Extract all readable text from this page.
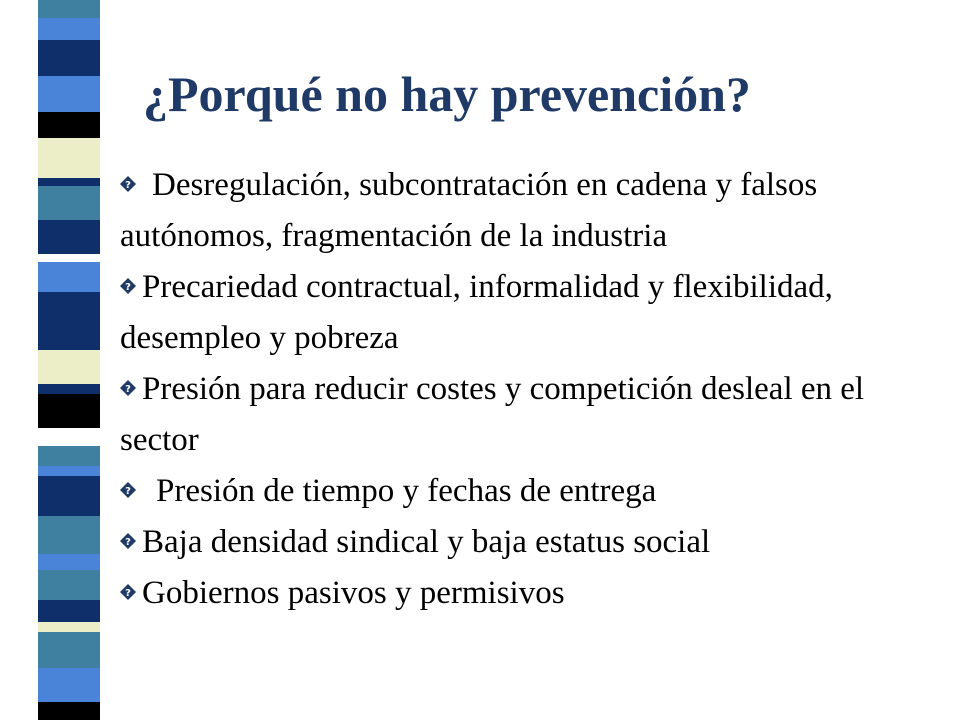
¿Porqué no hay prevención?

? Desregulación, subcontratación en cadena y falsos autónomos, fragmentación de la industria

? Precariedad contractual, informalidad y flexibilidad, desempleo y pobreza

? Presión para reducir costes y competición desleal en el sector

? Presión de tiempo y fechas de entrega

? Baja densidad sindical y baja estatus social

? Gobiernos pasivos y permisivos
